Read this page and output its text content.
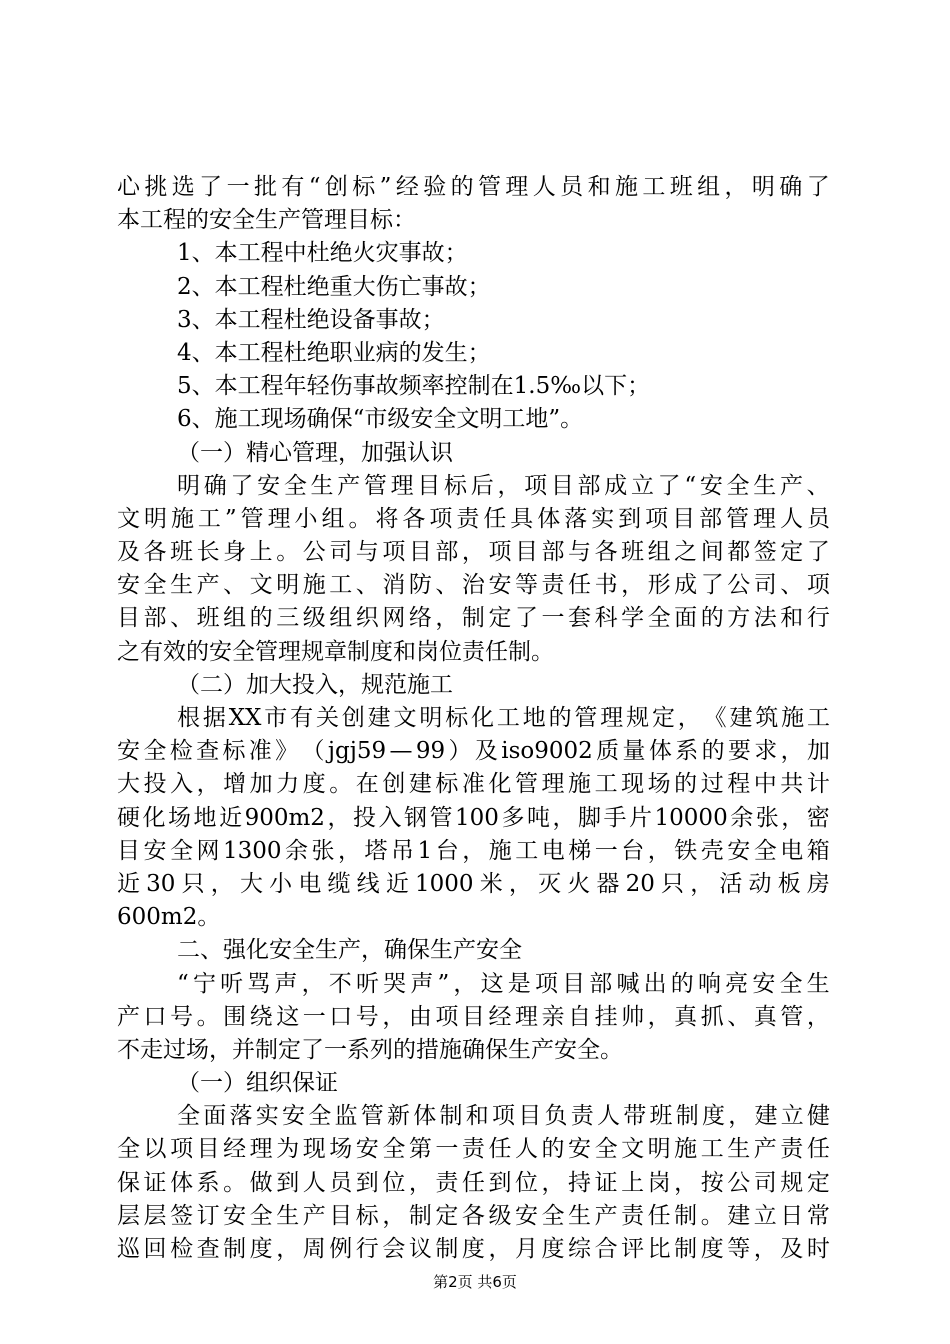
心 挑 选 了 一 批 有 “ 创 标 ” 经 验 的 管 理 人 员 和 施 工 班 组 ， 明 确 了
本工程的安全生产管理目标：
1、本工程中杜绝火灾事故；
2、本工程杜绝重大伤亡事故；
3、本工程杜绝设备事故；
4、本工程杜绝职业病的发生；
5、本工程年轻伤事故频率控制在1.5‰以下；
6、施工现场确保“市级安全文明工地”。
（一）精心管理，加强认识
明 确 了 安 全 生 产 管 理 目 标 后 ， 项 目 部 成 立 了 “ 安 全 生 产 、
文 明 施 工 ” 管 理 小 组 。 将 各 项 责 任 具 体 落 实 到 项 目 部 管 理 人 员
及 各 班 长 身 上 。 公 司 与 项 目 部 ， 项 目 部 与 各 班 组 之 间 都 签 定 了
安 全 生 产 、 文 明 施 工 、 消 防 、 治 安 等 责 任 书 ， 形 成 了 公 司 、 项
目 部 、 班 组 的 三 级 组 织 网 络 ， 制 定 了 一 套 科 学 全 面 的 方 法 和 行
之有效的安全管理规章制度和岗位责任制。
（二）加大投入，规范施工
根 据 XX 市 有 关 创 建 文 明 标 化 工 地 的 管 理 规 定 ， 《 建 筑 施 工
安 全 检 查 标 准 》 （ jgj59 — 99 ） 及 iso9002 质 量 体 系 的 要 求 ， 加
大 投 入 ， 增 加 力 度 。 在 创 建 标 准 化 管 理 施 工 现 场 的 过 程 中 共 计
硬 化 场 地 近 900m2 ， 投 入 钢 管 100 多 吨 ， 脚 手 片 10000 余 张 ， 密
目 安 全 网 1300 余 张 ， 塔 吊 1 台 ， 施 工 电 梯 一 台 ， 铁 壳 安 全 电 箱
近 30 只 ， 大 小 电 缆 线 近 1000 米 ， 灭 火 器 20 只 ， 活 动 板 房
600m2。
二、强化安全生产，确保生产安全
“ 宁 听 骂 声 ， 不 听 哭 声 ” ， 这 是 项 目 部 喊 出 的 响 亮 安 全 生
产 口 号 。 围 绕 这 一 口 号 ， 由 项 目 经 理 亲 自 挂 帅 ， 真 抓 、 真 管 ，
不走过场，并制定了一系列的措施确保生产安全。
（一）组织保证
全 面 落 实 安 全 监 管 新 体 制 和 项 目 负 责 人 带 班 制 度 ， 建 立 健
全 以 项 目 经 理 为 现 场 安 全 第 一 责 任 人 的 安 全 文 明 施 工 生 产 责 任
保 证 体 系 。 做 到 人 员 到 位 ， 责 任 到 位 ， 持 证 上 岗 ， 按 公 司 规 定
层 层 签 订 安 全 生 产 目 标 ， 制 定 各 级 安 全 生 产 责 任 制 。 建 立 日 常
巡 回 检 查 制 度 ， 周 例 行 会 议 制 度 ， 月 度 综 合 评 比 制 度 等 ， 及 时
第2页 共6页
